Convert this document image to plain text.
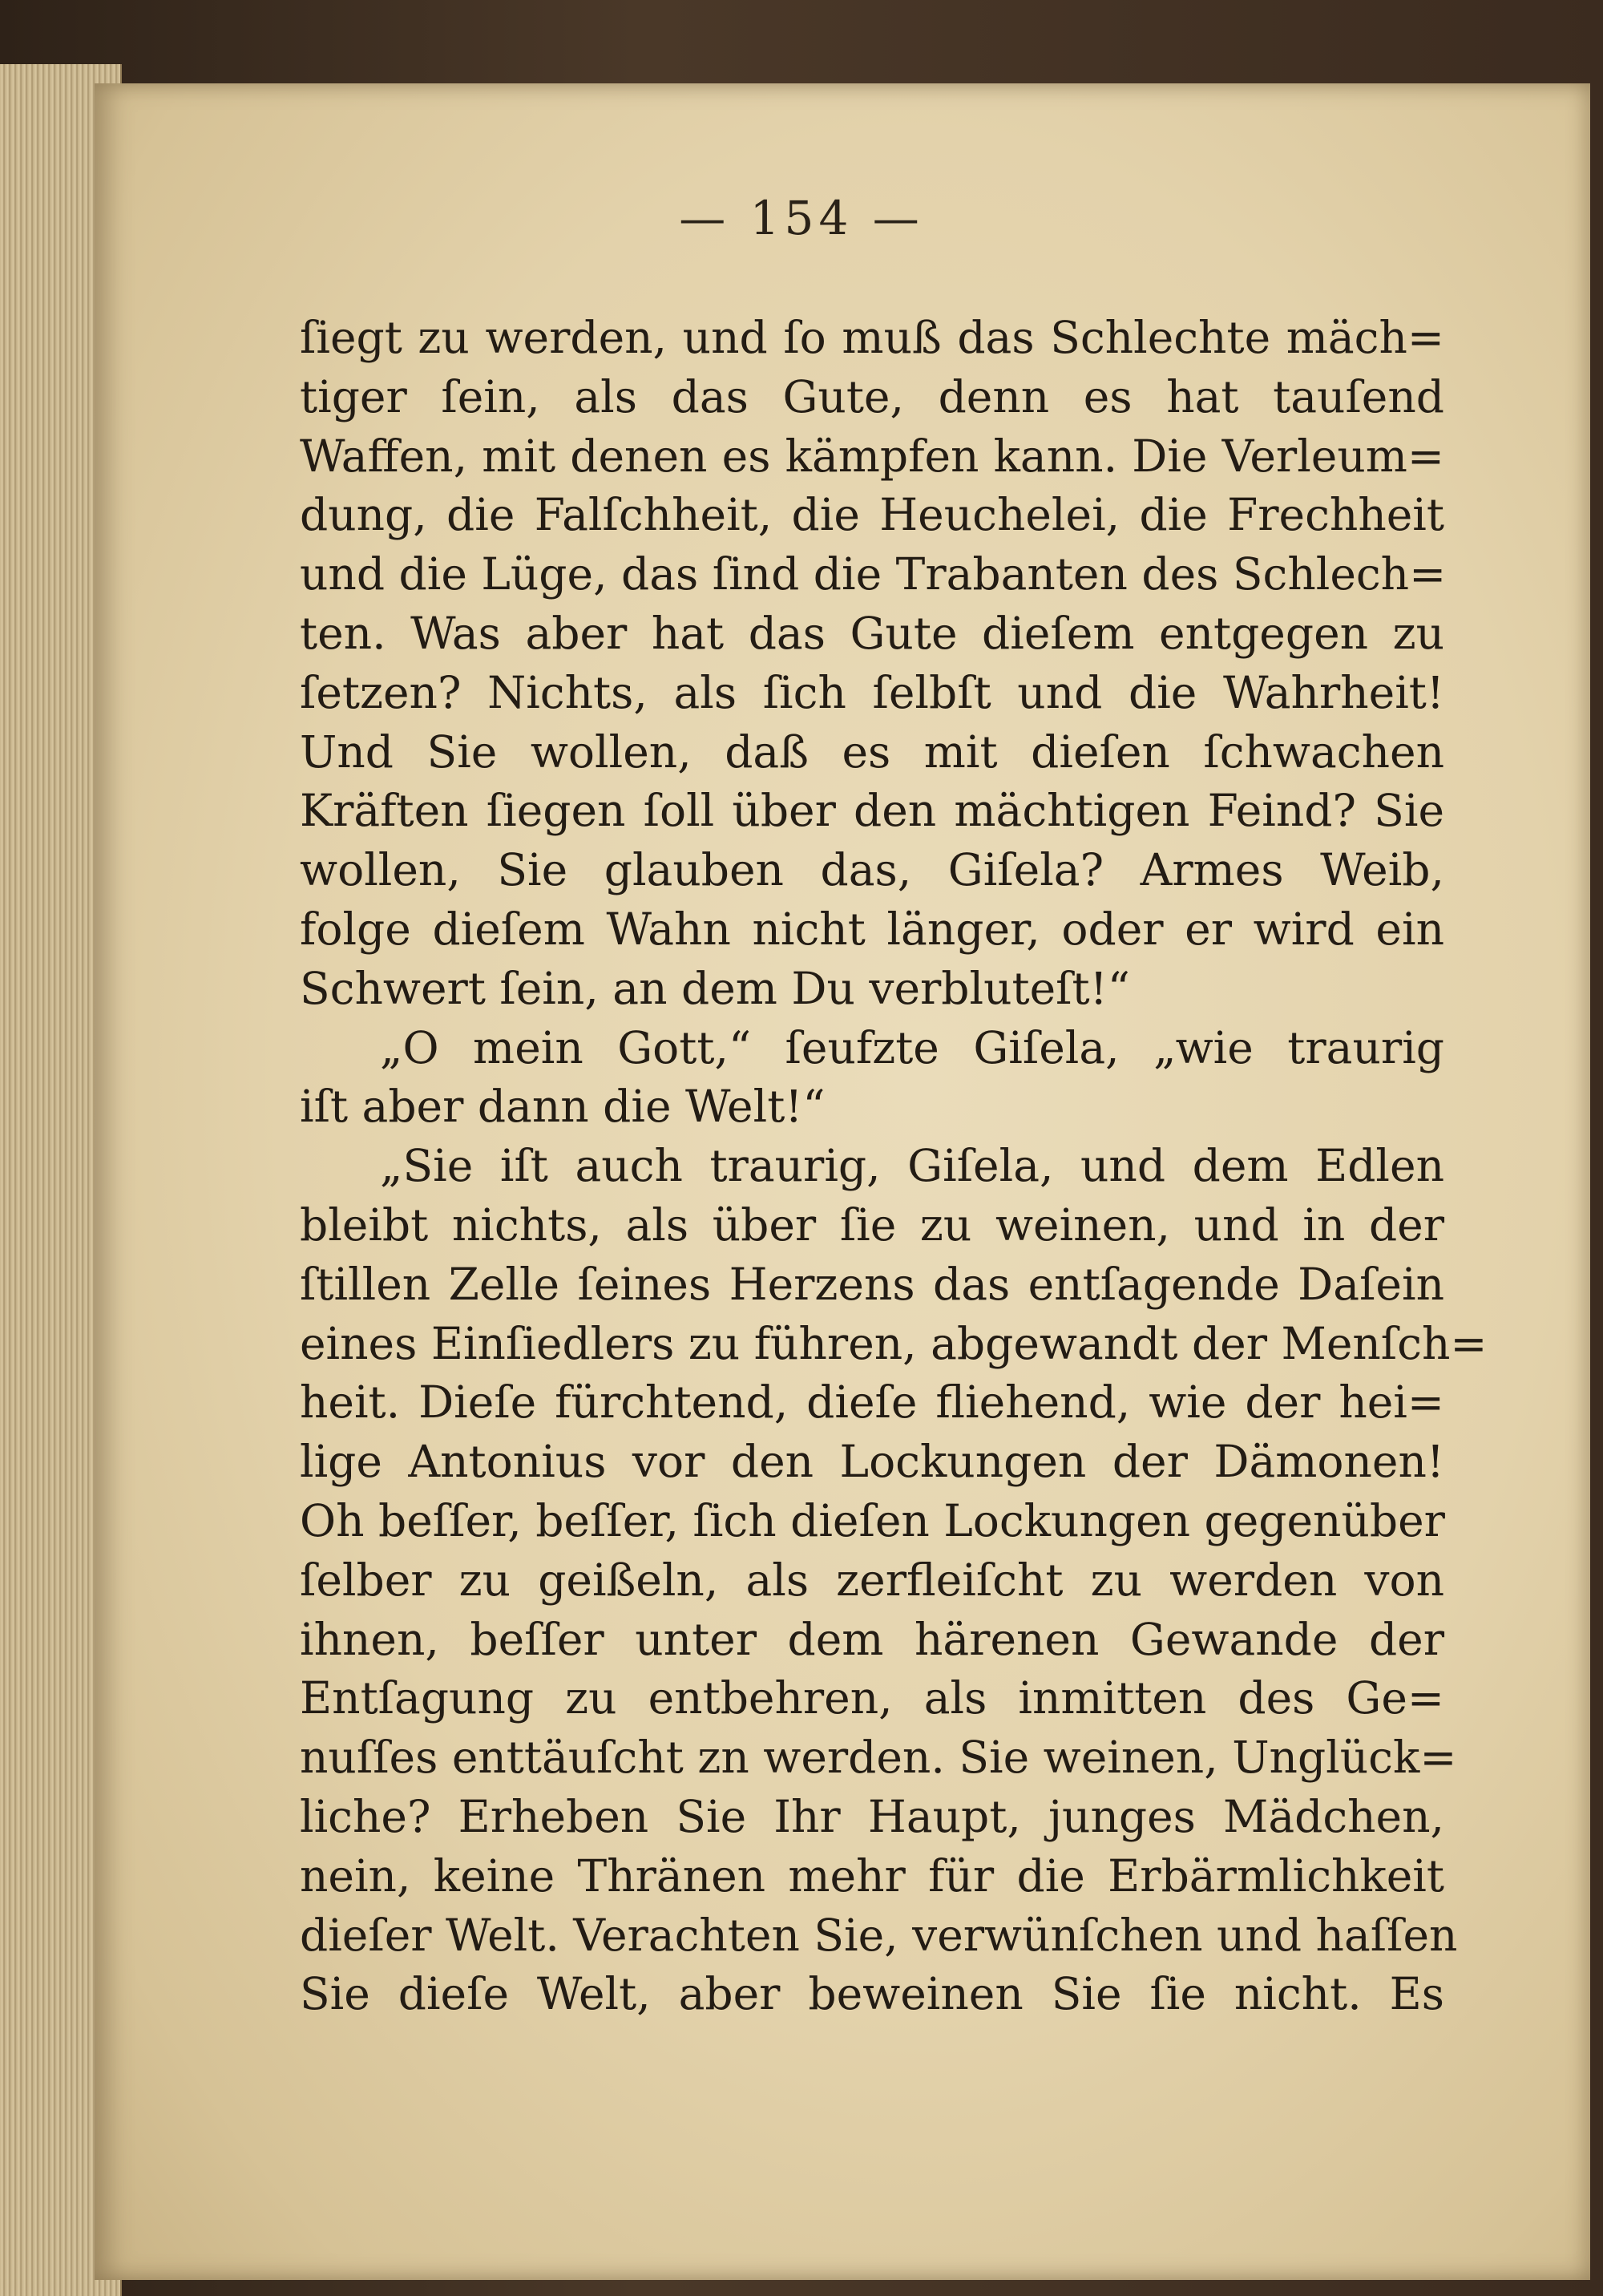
— 154 —
ſiegt zu werden, und ſo muß das Schlechte mäch=
tiger ſein, als das Gute, denn es hat tauſend
Waffen, mit denen es kämpfen kann. Die Verleum=
dung, die Falſchheit, die Heuchelei, die Frechheit
und die Lüge, das ſind die Trabanten des Schlech=
ten. Was aber hat das Gute dieſem entgegen zu
ſetzen? Nichts, als ſich ſelbſt und die Wahrheit!
Und Sie wollen, daß es mit dieſen ſchwachen
Kräften ſiegen ſoll über den mächtigen Feind? Sie
wollen, Sie glauben das, Giſela? Armes Weib,
folge dieſem Wahn nicht länger, oder er wird ein
Schwert ſein, an dem Du verbluteſt!“
„O mein Gott,“ ſeufzte Giſela, „wie traurig
iſt aber dann die Welt!“
„Sie iſt auch traurig, Giſela, und dem Edlen
bleibt nichts, als über ſie zu weinen, und in der
ſtillen Zelle ſeines Herzens das entſagende Daſein
eines Einſiedlers zu führen, abgewandt der Menſch=
heit. Dieſe fürchtend, dieſe fliehend, wie der hei=
lige Antonius vor den Lockungen der Dämonen!
Oh beſſer, beſſer, ſich dieſen Lockungen gegenüber
ſelber zu geißeln, als zerfleiſcht zu werden von
ihnen, beſſer unter dem härenen Gewande der
Entſagung zu entbehren, als inmitten des Ge=
nuſſes enttäuſcht zn werden. Sie weinen, Unglück=
liche? Erheben Sie Ihr Haupt, junges Mädchen,
nein, keine Thränen mehr für die Erbärmlichkeit
dieſer Welt. Verachten Sie, verwünſchen und haſſen
Sie dieſe Welt, aber beweinen Sie ſie nicht. Es
